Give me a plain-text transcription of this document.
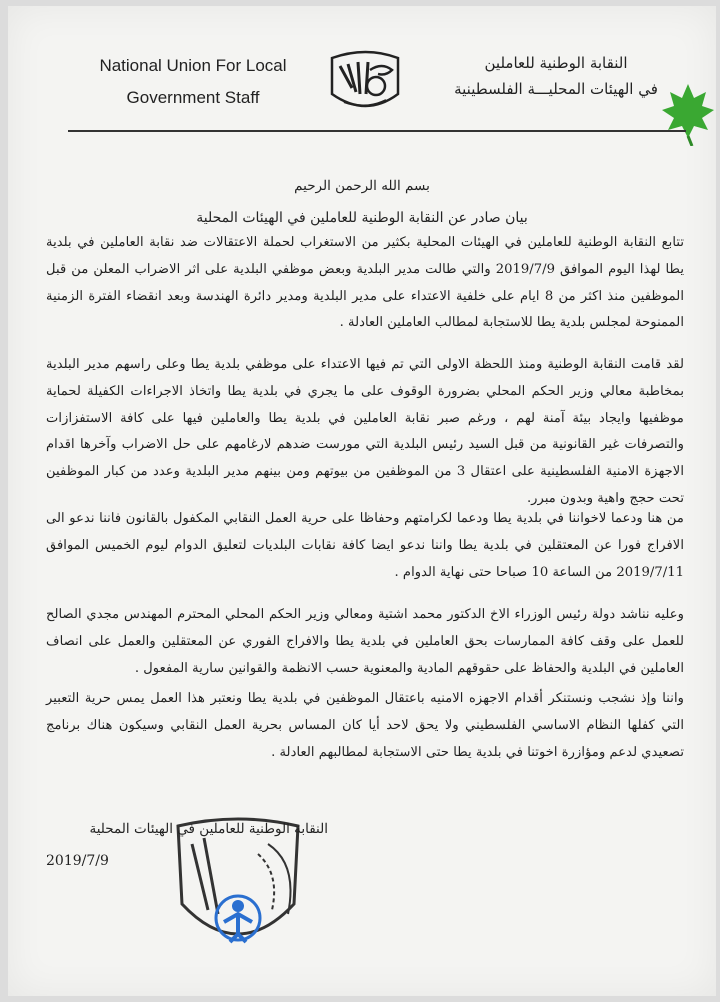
National Union For Local
Government Staff
النقابة الوطنية للعاملين
في الهيئات المحليـــة الفلسطينية
بسم الله الرحمن الرحيم
بيان صادر عن النقابة الوطنية للعاملين في الهيئات المحلية

تتابع النقابة الوطنية للعاملين في الهيئات المحلية بكثير من الاستغراب لحملة الاعتقالات ضد نقابة العاملين في بلدية يطا لهذا اليوم الموافق 2019/7/9 والتي طالت مدير البلدية وبعض موظفي البلدية على اثر الاضراب المعلن من قبل الموظفين منذ اكثر من 8 ايام على خلفية الاعتداء على مدير البلدية ومدير دائرة الهندسة وبعد انقضاء الفترة الزمنية الممنوحة لمجلس بلدية يطا للاستجابة لمطالب العاملين العادلة .

لقد قامت النقابة الوطنية ومنذ اللحظة الاولى التي تم فيها الاعتداء على موظفي بلدية يطا وعلى راسهم مدير البلدية بمخاطبة معالي وزير الحكم المحلي بضرورة الوقوف على ما يجري في بلدية يطا واتخاذ الاجراءات الكفيلة لحماية موظفيها وايجاد بيئة آمنة لهم ، ورغم صبر نقابة العاملين في بلدية يطا والعاملين فيها على كافة الاستفزازات والتصرفات غير القانونية من قبل السيد رئيس البلدية التي مورست ضدهم لارغامهم على حل الاضراب وآخرها اقدام الاجهزة الامنية الفلسطينية على اعتقال 3 من الموظفين من بيوتهم ومن بينهم مدير البلدية وعدد من كبار الموظفين تحت حجج واهية وبدون مبرر.

من هنا ودعما لاخواننا في بلدية يطا ودعما لكرامتهم وحفاظا على حرية العمل النقابي المكفول بالقانون فاننا ندعو الى الافراج فورا عن المعتقلين في بلدية يطا واننا ندعو ايضا كافة نقابات البلديات لتعليق الدوام ليوم الخميس الموافق 2019/7/11 من الساعة 10 صباحا حتى نهاية الدوام .

وعليه نناشد دولة رئيس الوزراء الاخ الدكتور محمد اشتية ومعالي وزير الحكم المحلي المحترم المهندس مجدي الصالح للعمل على وقف كافة الممارسات بحق العاملين في بلدية يطا والافراج الفوري عن المعتقلين والعمل على انصاف العاملين في البلدية والحفاظ على حقوقهم المادية والمعنوية حسب الانظمة والقوانين سارية المفعول .

واننا وإذ نشجب ونستنكر أقدام الاجهزه الامنيه باعتقال الموظفين في بلدية يطا ونعتبر هذا العمل يمس حرية التعبير التي كفلها النظام الاساسي الفلسطيني ولا يحق لاحد أيا كان المساس بحرية العمل النقابي وسيكون هناك برنامج تصعيدي لدعم ومؤازرة اخوتنا في بلدية يطا حتى الاستجابة لمطالبهم العادلة .

النقابة الوطنية للعاملين في الهيئات المحلية
2019/7/9
